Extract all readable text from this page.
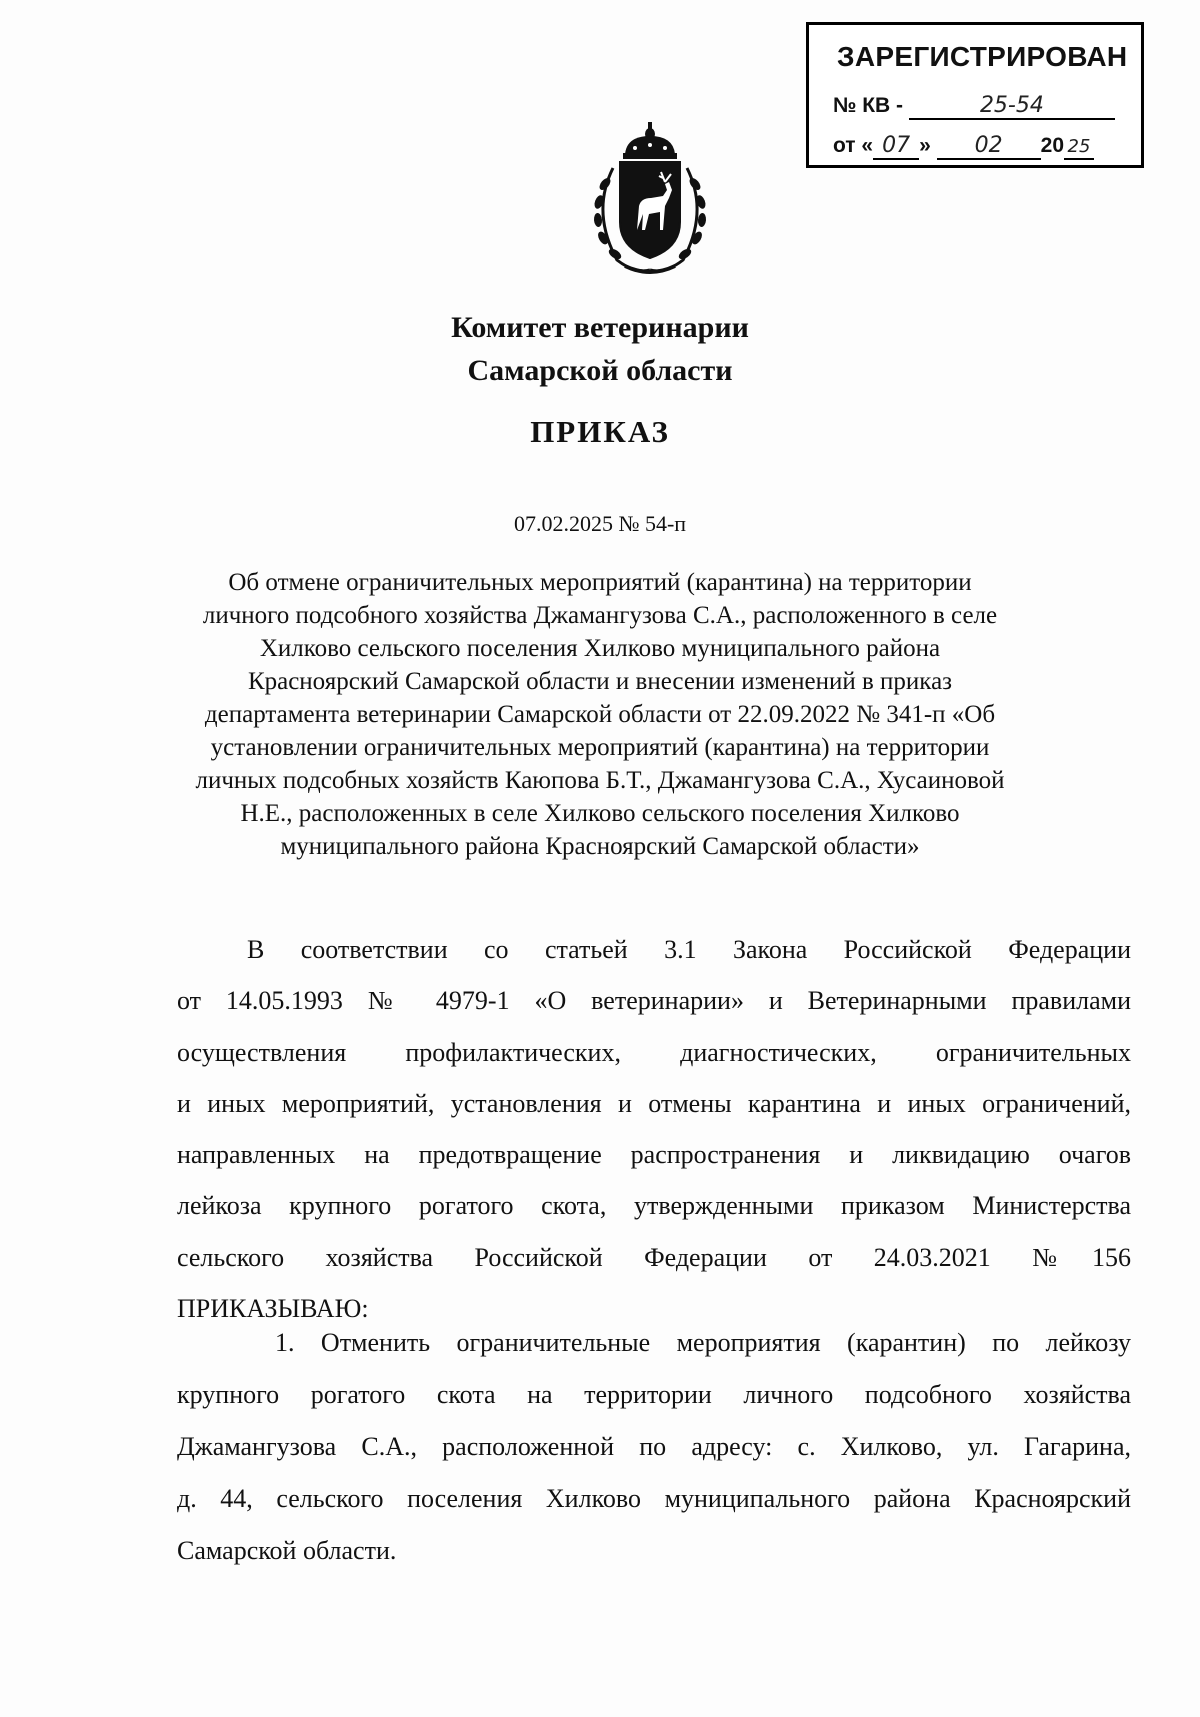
ЗАРЕГИСТРИРОВАН
№ КВ -	25-54
от « 07 » 02 20 25
Комитет ветеринарии
Самарской области
ПРИКАЗ
07.02.2025 № 54-п
Об отмене ограничительных мероприятий (карантина) на территории
личного подсобного хозяйства Джамангузова С.А., расположенного в селе
Хилково сельского поселения Хилково муниципального района
Красноярский Самарской области и внесении изменений в приказ
департамента ветеринарии Самарской области от 22.09.2022 № 341-п «Об
установлении ограничительных мероприятий (карантина) на территории
личных подсобных хозяйств Каюпова Б.Т., Джамангузова С.А., Хусаиновой
Н.Е., расположенных в селе Хилково сельского поселения Хилково
муниципального района Красноярский Самарской области»
В соответствии со статьей 3.1 Закона Российской Федерации
от 14.05.1993 № 4979-1 «О ветеринарии» и Ветеринарными правилами
осуществления профилактических, диагностических, ограничительных
и иных мероприятий, установления и отмены карантина и иных ограничений,
направленных на предотвращение распространения и ликвидацию очагов
лейкоза крупного рогатого скота, утвержденными приказом Министерства
сельского хозяйства Российской Федерации от 24.03.2021 №156
ПРИКАЗЫВАЮ:
1. Отменить ограничительные мероприятия (карантин) по лейкозу
крупного рогатого скота на территории личного подсобного хозяйства
Джамангузова С.А., расположенной по адресу: с. Хилково, ул. Гагарина,
д. 44, сельского поселения Хилково муниципального района Красноярский
Самарской области.
